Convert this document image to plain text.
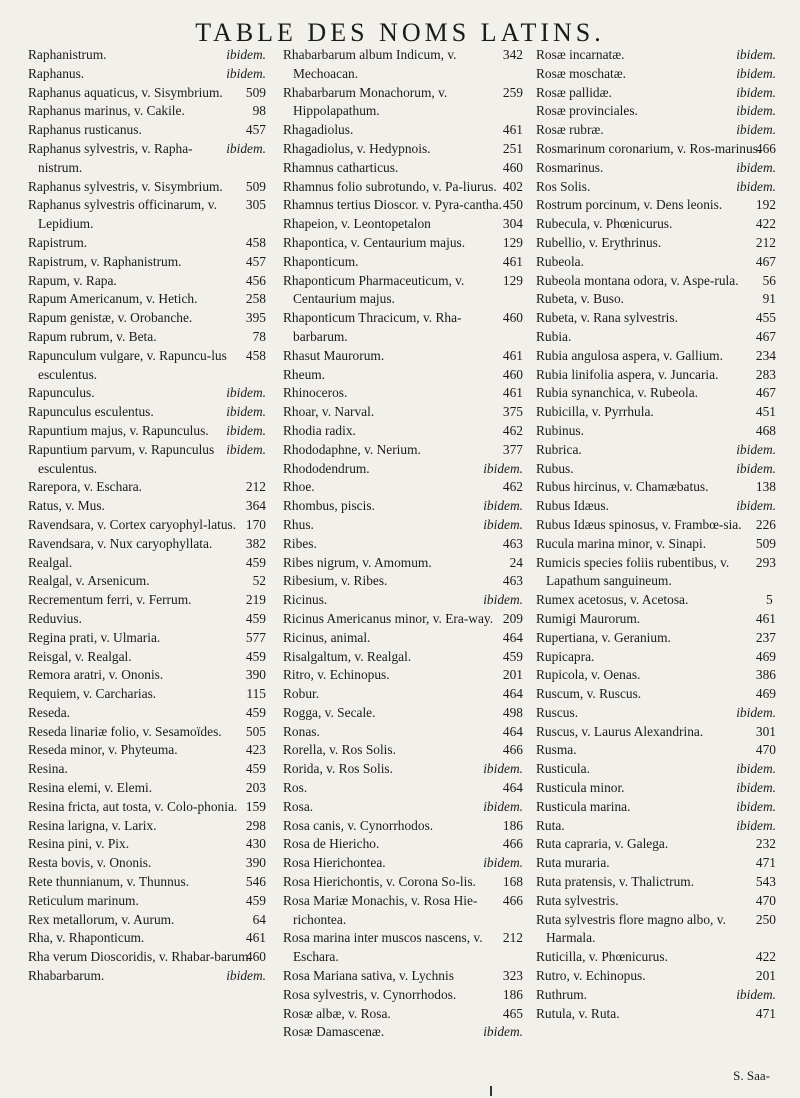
TABLE DES NOMS LATINS.
ibidem.
Raphanistrum.
ibidem.
Raphanus.
509
Raphanus aquaticus, v. Sisymbrium.
98
Raphanus marinus, v. Cakile.
457
Raphanus rusticanus.
ibidem.
Raphanus sylvestris, v. Rapha-nistrum.
509
Raphanus sylvestris, v. Sisymbrium.
305
Raphanus sylvestris officinarum, v. Lepidium.
458
Rapistrum.
457
Rapistrum, v. Raphanistrum.
456
Rapum, v. Rapa.
258
Rapum Americanum, v. Hetich.
395
Rapum genistæ, v. Orobanche.
78
Rapum rubrum, v. Beta.
458
Rapunculum vulgare, v. Rapuncu-lus esculentus.
ibidem.
Rapunculus.
ibidem.
Rapunculus esculentus.
ibidem.
Rapuntium majus, v. Rapunculus.
ibidem.
Rapuntium parvum, v. Rapunculus esculentus.
212
Rarepora, v. Eschara.
364
Ratus, v. Mus.
170
Ravendsara, v. Cortex caryophyl-latus.
382
Ravendsara, v. Nux caryophyllata.
459
Realgal.
52
Realgal, v. Arsenicum.
219
Recrementum ferri, v. Ferrum.
459
Reduvius.
577
Regina prati, v. Ulmaria.
459
Reisgal, v. Realgal.
390
Remora aratri, v. Ononis.
115
Requiem, v. Carcharias.
459
Reseda.
505
Reseda linariæ folio, v. Sesamoïdes.
423
Reseda minor, v. Phyteuma.
459
Resina.
203
Resina elemi, v. Elemi.
159
Resina fricta, aut tosta, v. Colo-phonia.
298
Resina larigna, v. Larix.
430
Resina pini, v. Pix.
390
Resta bovis, v. Ononis.
546
Rete thunnianum, v. Thunnus.
459
Reticulum marinum.
64
Rex metallorum, v. Aurum.
461
Rha, v. Rhaponticum.
460
Rha verum Dioscoridis, v. Rhabar-barum.
ibidem.
Rhabarbarum.
342
Rhabarbarum album Indicum, v. Mechoacan.
259
Rhabarbarum Monachorum, v. Hippolapathum.
461
Rhagadiolus.
251
Rhagadiolus, v. Hedypnois.
460
Rhamnus catharticus.
402
Rhamnus folio subrotundo, v. Pa-liurus.
450
Rhamnus tertius Dioscor. v. Pyra-cantha.
304
Rhapeion, v. Leontopetalon
129
Rhapontica, v. Centaurium majus.
461
Rhaponticum.
129
Rhaponticum Pharmaceuticum, v. Centaurium majus.
460
Rhaponticum Thracicum, v. Rha-barbarum.
461
Rhasut Maurorum.
460
Rheum.
461
Rhinoceros.
375
Rhoar, v. Narval.
462
Rhodia radix.
377
Rhododaphne, v. Nerium.
ibidem.
Rhododendrum.
462
Rhoe.
ibidem.
Rhombus, piscis.
ibidem.
Rhus.
463
Ribes.
24
Ribes nigrum, v. Amomum.
463
Ribesium, v. Ribes.
ibidem.
Ricinus.
209
Ricinus Americanus minor, v. Era-way.
464
Ricinus, animal.
459
Risalgaltum, v. Realgal.
201
Ritro, v. Echinopus.
464
Robur.
498
Rogga, v. Secale.
464
Ronas.
466
Rorella, v. Ros Solis.
ibidem.
Rorida, v. Ros Solis.
464
Ros.
ibidem.
Rosa.
186
Rosa canis, v. Cynorrhodos.
466
Rosa de Hiericho.
ibidem.
Rosa Hierichontea.
168
Rosa Hierichontis, v. Corona So-lis.
466
Rosa Mariæ Monachis, v. Rosa Hie-richontea.
212
Rosa marina inter muscos nascens, v. Eschara.
323
Rosa Mariana sativa, v. Lychnis
186
Rosa sylvestris, v. Cynorrhodos.
465
Rosæ albæ, v. Rosa.
ibidem.
Rosæ Damascenæ.
ibidem.
Rosæ incarnatæ.
ibidem.
Rosæ moschatæ.
ibidem.
Rosæ pallidæ.
ibidem.
Rosæ provinciales.
ibidem.
Rosæ rubræ.
466
Rosmarinum coronarium, v. Ros-marinus.
ibidem.
Rosmarinus.
ibidem.
Ros Solis.
192
Rostrum porcinum, v. Dens leonis.
422
Rubecula, v. Phœnicurus.
212
Rubellio, v. Erythrinus.
467
Rubeola.
56
Rubeola montana odora, v. Aspe-rula.
91
Rubeta, v. Buso.
455
Rubeta, v. Rana sylvestris.
467
Rubia.
234
Rubia angulosa aspera, v. Gallium.
283
Rubia linifolia aspera, v. Juncaria.
467
Rubia synanchica, v. Rubeola.
451
Rubicilla, v. Pyrrhula.
468
Rubinus.
ibidem.
Rubrica.
ibidem.
Rubus.
138
Rubus hircinus, v. Chamæbatus.
ibidem.
Rubus Idæus.
226
Rubus Idæus spinosus, v. Frambœ-sia.
509
Rucula marina minor, v. Sinapi.
293
Rumicis species foliis rubentibus, v. Lapathum sanguineum.
5
Rumex acetosus, v. Acetosa.
461
Rumigi Maurorum.
237
Rupertiana, v. Geranium.
469
Rupicapra.
386
Rupicola, v. Oenas.
469
Ruscum, v. Ruscus.
ibidem.
Ruscus.
301
Ruscus, v. Laurus Alexandrina.
470
Rusma.
ibidem.
Rusticula.
ibidem.
Rusticula minor.
ibidem.
Rusticula marina.
ibidem.
Ruta.
232
Ruta capraria, v. Galega.
471
Ruta muraria.
543
Ruta pratensis, v. Thalictrum.
470
Ruta sylvestris.
250
Ruta sylvestris flore magno albo, v. Harmala.
422
Ruticilla, v. Phœnicurus.
201
Rutro, v. Echinopus.
ibidem.
Ruthrum.
471
Rutula, v. Ruta.
S. Saa-
